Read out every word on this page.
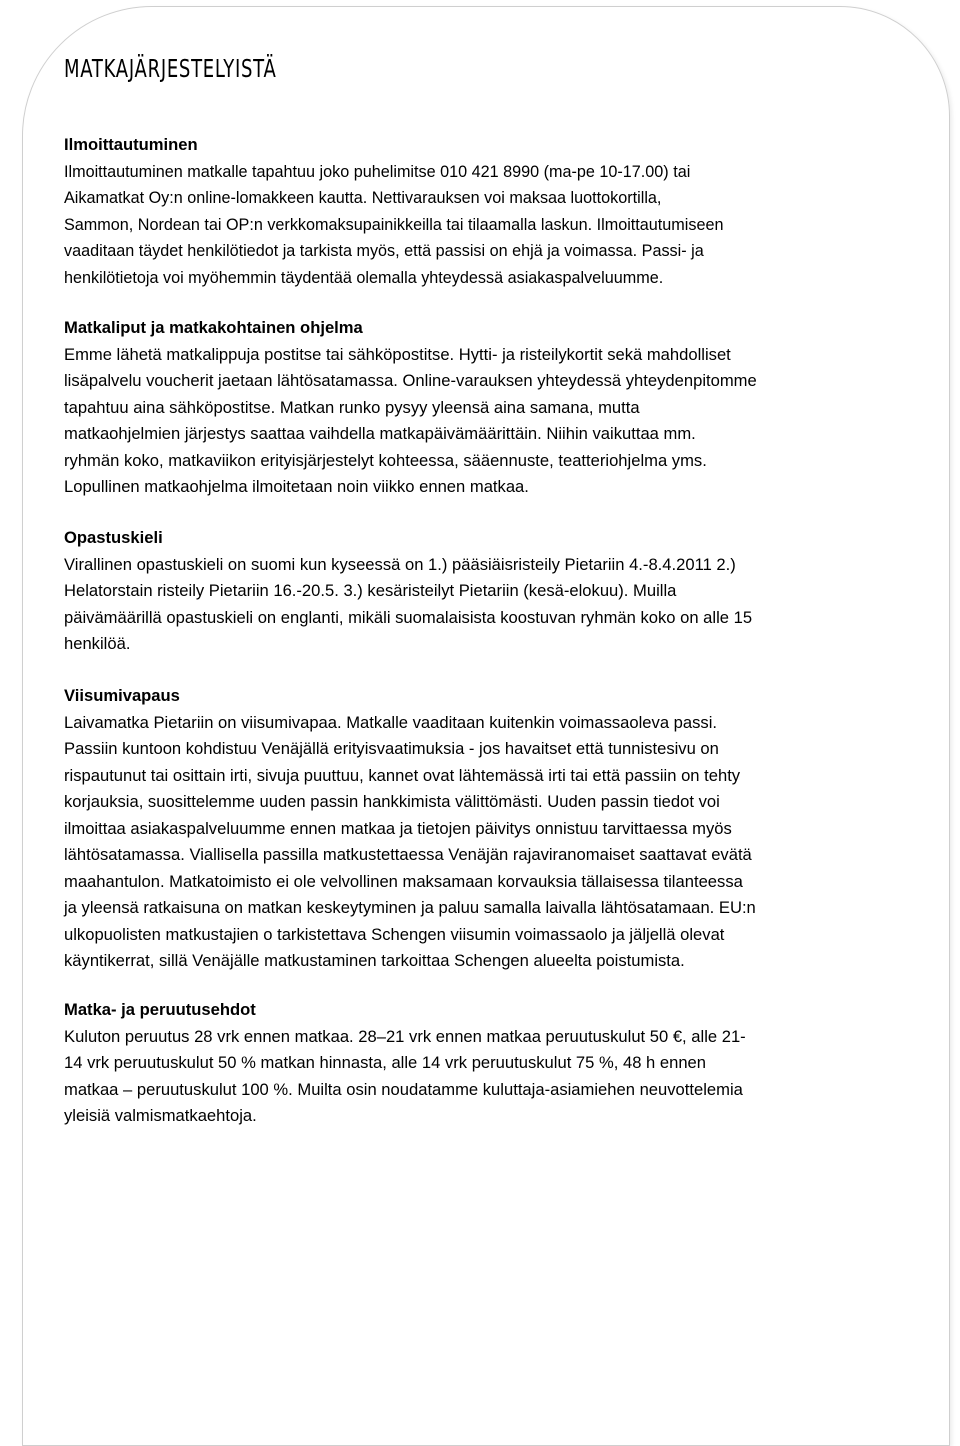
MATKAJÄRJESTELYISTÄ
Ilmoittautuminen

Ilmoittautuminen matkalle tapahtuu joko puhelimitse 010 421 8990 (ma-pe 10-17.00) tai
Aikamatkat Oy:n online-lomakkeen kautta. Nettivarauksen voi maksaa luottokortilla,
Sammon, Nordean tai OP:n verkkomaksupainikkeilla tai tilaamalla laskun. Ilmoittautumiseen
vaaditaan täydet henkilötiedot ja tarkista myös, että passisi on ehjä ja voimassa. Passi- ja
henkilötietoja voi myöhemmin täydentää olemalla yhteydessä asiakaspalveluumme.

Matkaliput ja matkakohtainen ohjelma

Emme lähetä matkalippuja postitse tai sähköpostitse. Hytti- ja risteilykortit sekä mahdolliset
lisäpalvelu voucherit jaetaan lähtösatamassa. Online-varauksen yhteydessä yhteydenpitomme
tapahtuu aina sähköpostitse. Matkan runko pysyy yleensä aina samana, mutta
matkaohjelmien järjestys saattaa vaihdella matkapäivämäärittäin. Niihin vaikuttaa mm.
ryhmän koko, matkaviikon erityisjärjestelyt kohteessa, sääennuste, teatteriohjelma yms.
Lopullinen matkaohjelma ilmoitetaan noin viikko ennen matkaa.

Opastuskieli

Virallinen opastuskieli on suomi kun kyseessä on 1.) pääsiäisristeily Pietariin 4.-8.4.2011 2.)
Helatorstain risteily Pietariin 16.-20.5. 3.) kesäristeilyt Pietariin (kesä-elokuu). Muilla
päivämäärillä opastuskieli on englanti, mikäli suomalaisista koostuvan ryhmän koko on alle 15
henkilöä.

Viisumivapaus

Laivamatka Pietariin on viisumivapaa. Matkalle vaaditaan kuitenkin voimassaoleva passi.
Passiin kuntoon kohdistuu Venäjällä erityisvaatimuksia - jos havaitset että tunnistesivu on
rispautunut tai osittain irti, sivuja puuttuu, kannet ovat lähtemässä irti tai että passiin on tehty
korjauksia, suosittelemme uuden passin hankkimista välittömästi. Uuden passin tiedot voi
ilmoittaa asiakaspalveluumme ennen matkaa ja tietojen päivitys onnistuu tarvittaessa myös
lähtösatamassa. Viallisella passilla matkustettaessa Venäjän rajaviranomaiset saattavat evätä
maahantulon. Matkatoimisto ei ole velvollinen maksamaan korvauksia tällaisessa tilanteessa
ja yleensä ratkaisuna on matkan keskeytyminen ja paluu samalla laivalla lähtösatamaan. EU:n
ulkopuolisten matkustajien o tarkistettava Schengen viisumin voimassaolo ja jäljellä olevat
käyntikerrat, sillä Venäjälle matkustaminen tarkoittaa Schengen alueelta poistumista.

Matka- ja peruutusehdot

Kuluton peruutus 28 vrk ennen matkaa. 28–21 vrk ennen matkaa peruutuskulut 50 €, alle 21-
14 vrk peruutuskulut 50 % matkan hinnasta, alle 14 vrk peruutuskulut 75 %, 48 h ennen
matkaa – peruutuskulut 100 %. Muilta osin noudatamme kuluttaja-asiamiehen neuvottelemia
yleisiä valmismatkaehtoja.
